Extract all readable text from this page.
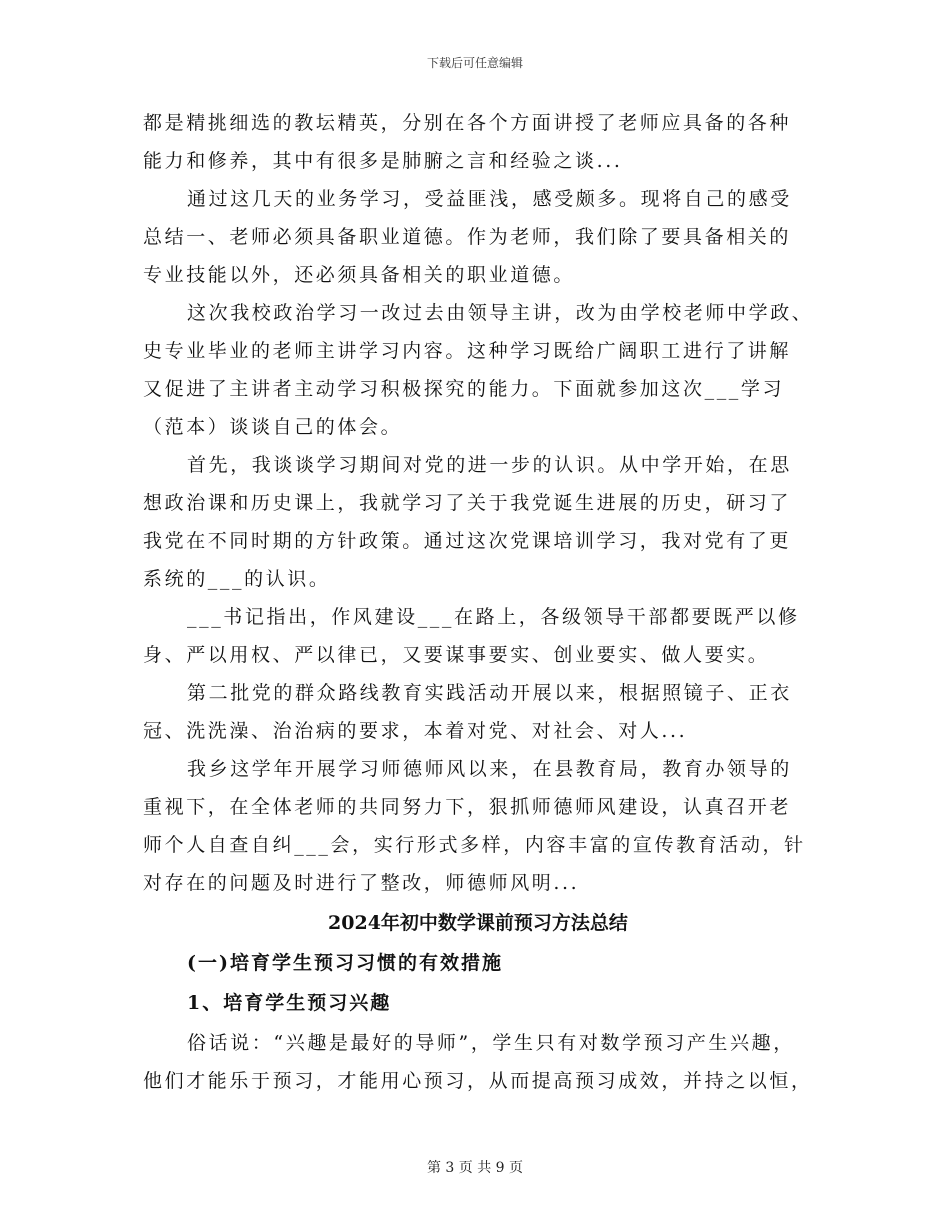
下载后可任意编辑
都是精挑细选的教坛精英，分别在各个方面讲授了老师应具备的各种
能力和修养，其中有很多是肺腑之言和经验之谈...
通过这几天的业务学习，受益匪浅，感受颇多。现将自己的感受
总结一、老师必须具备职业道德。作为老师，我们除了要具备相关的
专业技能以外，还必须具备相关的职业道德。
这次我校政治学习一改过去由领导主讲，改为由学校老师中学政、
史专业毕业的老师主讲学习内容。这种学习既给广阔职工进行了讲解
又促进了主讲者主动学习积极探究的能力。下面就参加这次___学习
（范本）谈谈自己的体会。
首先，我谈谈学习期间对党的进一步的认识。从中学开始，在思
想政治课和历史课上，我就学习了关于我党诞生进展的历史，研习了
我党在不同时期的方针政策。通过这次党课培训学习，我对党有了更
系统的___的认识。
___书记指出，作风建设___在路上，各级领导干部都要既严以修
身、严以用权、严以律已，又要谋事要实、创业要实、做人要实。
第二批党的群众路线教育实践活动开展以来，根据照镜子、正衣
冠、洗洗澡、治治病的要求，本着对党、对社会、对人...
我乡这学年开展学习师德师风以来，在县教育局，教育办领导的
重视下，在全体老师的共同努力下，狠抓师德师风建设，认真召开老
师个人自查自纠___会，实行形式多样，内容丰富的宣传教育活动，针
对存在的问题及时进行了整改，师德师风明...
2024年初中数学课前预习方法总结
(一)培育学生预习习惯的有效措施
1、培育学生预习兴趣
俗话说：“兴趣是最好的导师”，学生只有对数学预习产生兴趣，
他们才能乐于预习，才能用心预习，从而提高预习成效，并持之以恒，
第 3 页 共 9 页
